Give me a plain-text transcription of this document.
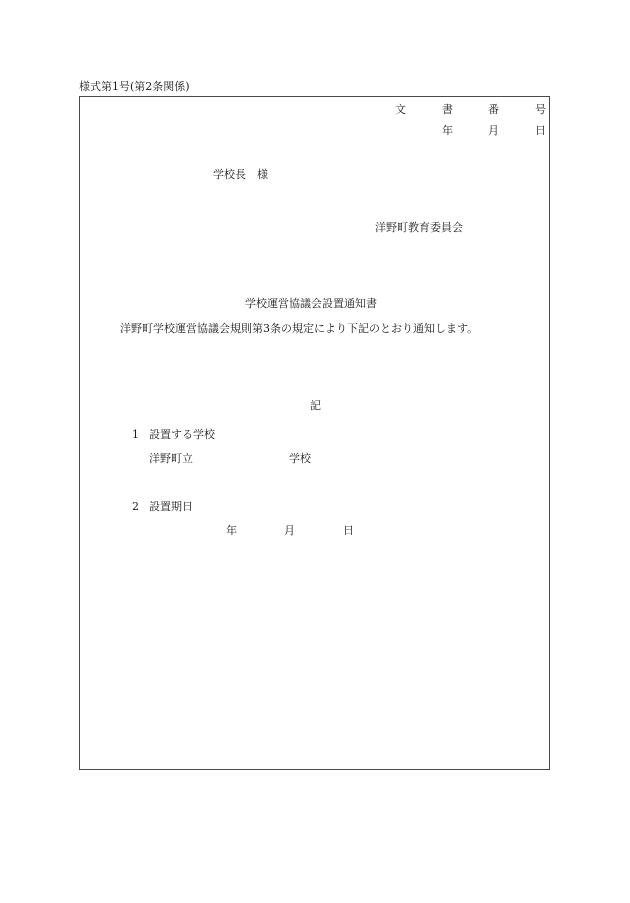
様式第1号(第2条関係)
文	書	番	号
年	月	日
学校長　様
洋野町教育委員会
学校運営協議会設置通知書
洋野町学校運営協議会規則第3条の規定により下記のとおり通知します。
記
1 設置する学校
洋野町立	学校
2 設置期日
年	月	日
